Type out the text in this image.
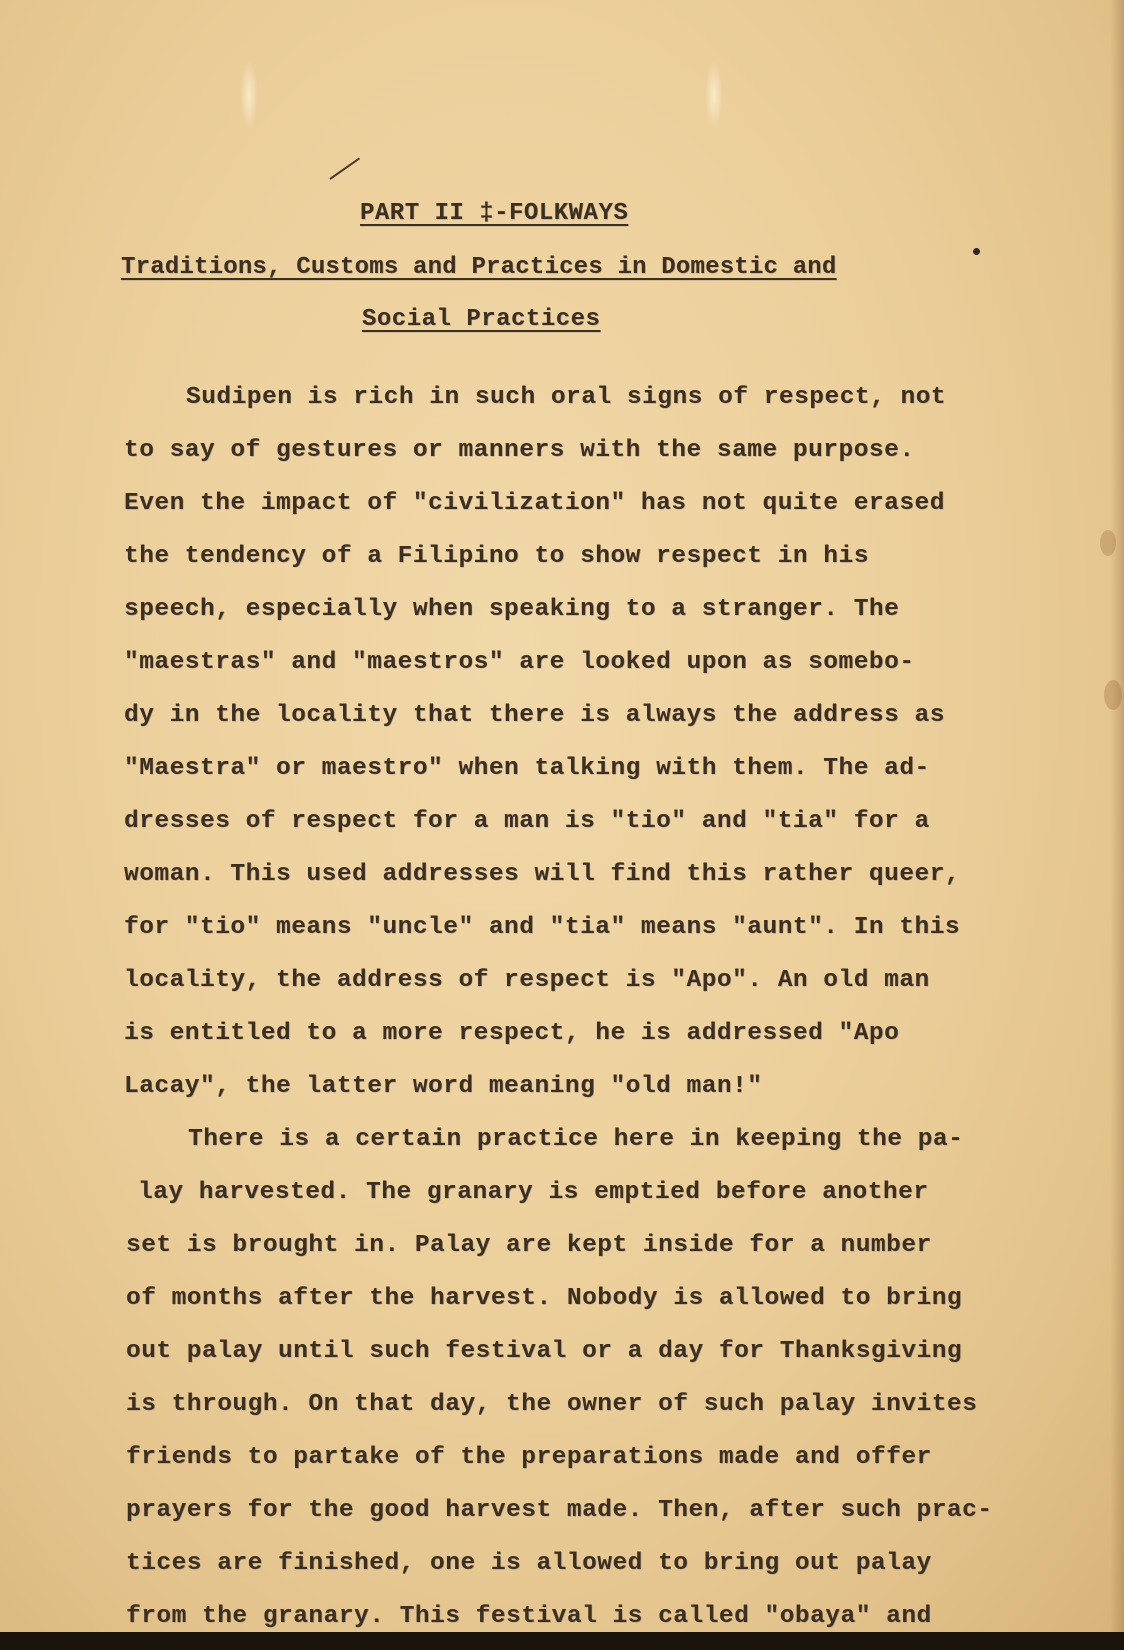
PART II ‡-FOLKWAYS
Traditions, Customs and Practices in Domestic and
Social Practices
Sudipen is rich in such oral signs of respect, not
to say of gestures or manners with the same purpose.
Even the impact of "civilization" has not quite erased
the tendency of a Filipino to show respect in his
speech, especially when speaking to a stranger. The
"maestras" and "maestros" are looked upon as somebo-
dy in the locality that there is always the address as
"Maestra" or maestro" when talking with them. The ad-
dresses of respect for a man is "tio" and "tia" for a
woman. This used addresses will find this rather queer,
for "tio" means "uncle" and "tia" means "aunt". In this
locality, the address of respect is "Apo". An old man
is entitled to a more respect, he is addressed "Apo
Lacay", the latter word meaning "old man!"
There is a certain practice here in keeping the pa-
lay harvested. The granary is emptied before another
set is brought in. Palay are kept inside for a number
of months after the harvest. Nobody is allowed to bring
out palay until such festival or a day for Thanksgiving
is through. On that day, the owner of such palay invites
friends to partake of the preparations made and offer
prayers for the good harvest made. Then, after such prac-
tices are finished, one is allowed to bring out palay
from the granary. This festival is called "obaya" and
